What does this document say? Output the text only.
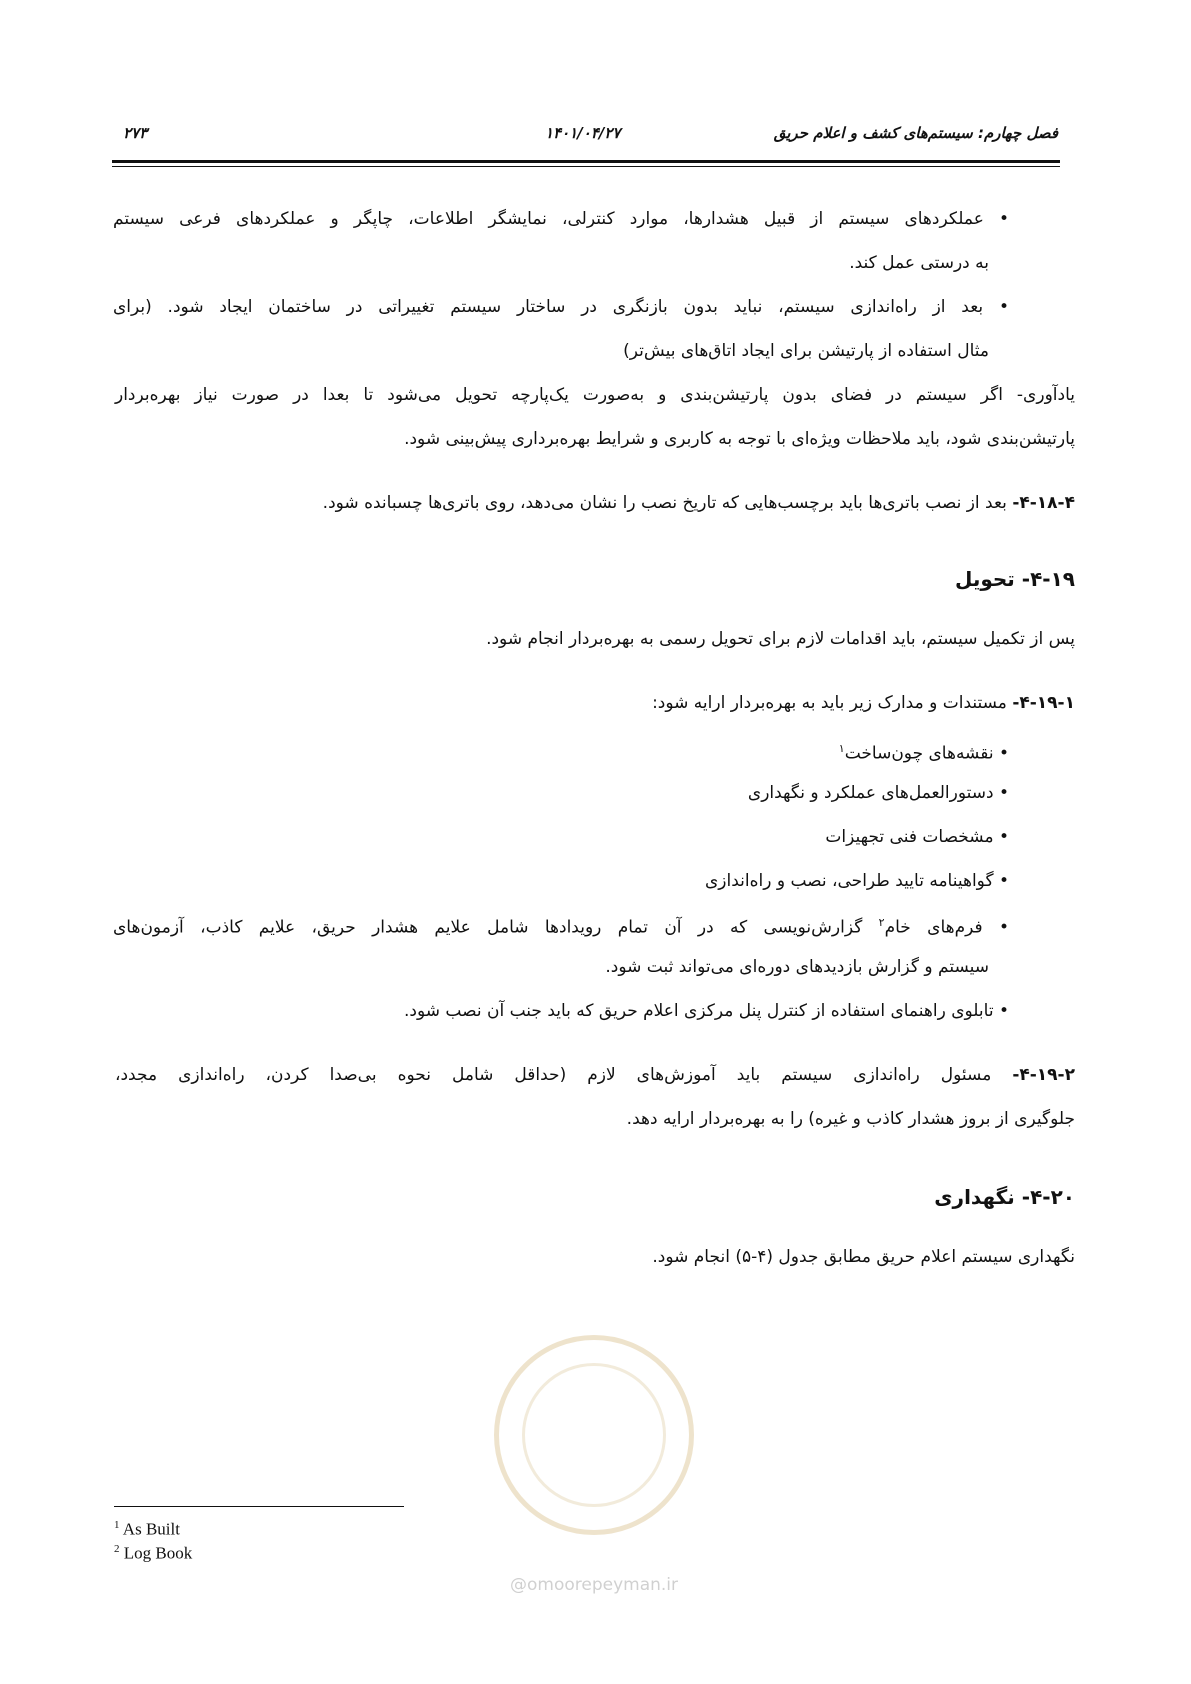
فصل چهارم: سیستم‌های کشف و اعلام حریق
۱۴۰۱/۰۴/۲۷
۲۷۳
• عملکردهای سیستم از قبیل هشدارها، موارد کنترلی، نمایشگر اطلاعات، چاپگر و عملکردهای فرعی سیستم
به درستی عمل کند.
• بعد از راه‌اندازی سیستم، نباید بدون بازنگری در ساختار سیستم تغییراتی در ساختمان ایجاد شود. (برای
مثال استفاده از پارتیشن برای ایجاد اتاق‌های بیش‌تر)
یادآوری- اگر سیستم در فضای بدون پارتیشن‌بندی و به‌صورت یک‌پارچه تحویل می‌شود تا بعدا در صورت نیاز بهره‌بردار
پارتیشن‌بندی شود، باید ملاحظات ویژه‌ای با توجه به کاربری و شرایط بهره‌برداری پیش‌بینی شود.
۴-۱۸-۴- بعد از نصب باتری‌ها باید برچسب‌هایی که تاریخ نصب را نشان می‌دهد، روی باتری‌ها چسبانده شود.
۴-۱۹- تحویل
پس از تکمیل سیستم، باید اقدامات لازم برای تحویل رسمی به بهره‌بردار انجام شود.
۴-۱۹-۱- مستندات و مدارک زیر باید به بهره‌بردار ارایه شود:
• نقشه‌های چون‌ساخت$^۱$
• دستورالعمل‌های عملکرد و نگهداری
• مشخصات فنی تجهیزات
• گواهینامه تایید طراحی، نصب و راه‌اندازی
• فرم‌های خام$^۲$ گزارش‌نویسی که در آن تمام رویدادها شامل علایم هشدار حریق، علایم کاذب، آزمون‌های
سیستم و گزارش بازدیدهای دوره‌ای می‌تواند ثبت شود.
• تابلوی راهنمای استفاده از کنترل پنل مرکزی اعلام حریق که باید جنب آن نصب شود.
۴-۱۹-۲- مسئول راه‌اندازی سیستم باید آموزش‌های لازم (حداقل شامل نحوه بی‌صدا کردن، راه‌اندازی مجدد،
جلوگیری از بروز هشدار کاذب و غیره) را به بهره‌بردار ارایه دهد.
۴-۲۰- نگهداری
نگهداری سیستم اعلام حریق مطابق جدول (۴-۵) انجام شود.
@omoorepeyman.ir
$^1$ As Built
$^2$ Log Book
